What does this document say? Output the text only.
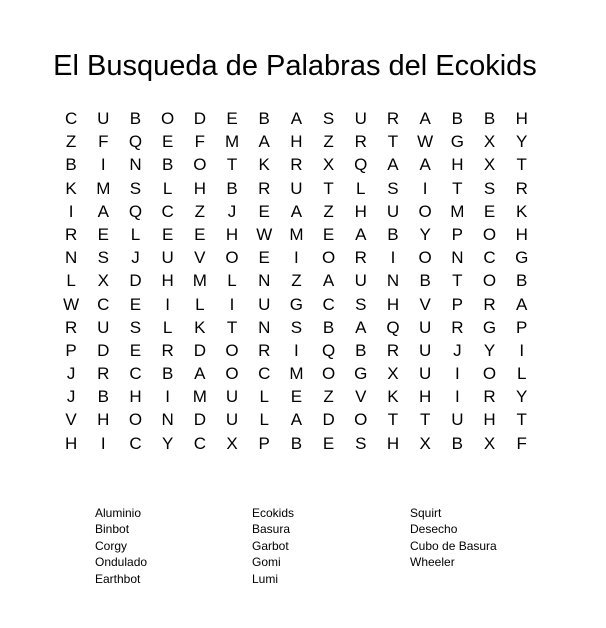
El Busqueda de Palabras del Ecokids
C	U	B	O	D	E	B	A	S	U	R	A	B	B	H
Z	F	Q	E	F	M	A	H	Z	R	T	W	G	X	Y
B	I	N	B	O	T	K	R	X	Q	A	A	H	X	T
K	M	S	L	H	B	R	U	T	L	S	I	T	S	R
I	A	Q	C	Z	J	E	A	Z	H	U	O	M	E	K
R	E	L	E	E	H	W	M	E	A	B	Y	P	O	H
N	S	J	U	V	O	E	I	O	R	I	O	N	C	G
L	X	D	H	M	L	N	Z	A	U	N	B	T	O	B
W	C	E	I	L	I	U	G	C	S	H	V	P	R	A
R	U	S	L	K	T	N	S	B	A	Q	U	R	G	P
P	D	E	R	D	O	R	I	Q	B	R	U	J	Y	I
J	R	C	B	A	O	C	M	O	G	X	U	I	O	L
J	B	H	I	M	U	L	E	Z	V	K	H	I	R	Y
V	H	O	N	D	U	L	A	D	O	T	T	U	H	T
H	I	C	Y	C	X	P	B	E	S	H	X	B	X	F
Aluminio
Binbot
Corgy
Ondulado
Earthbot
Ecokids
Basura
Garbot
Gomi
Lumi
Squirt
Desecho
Cubo de Basura
Wheeler
